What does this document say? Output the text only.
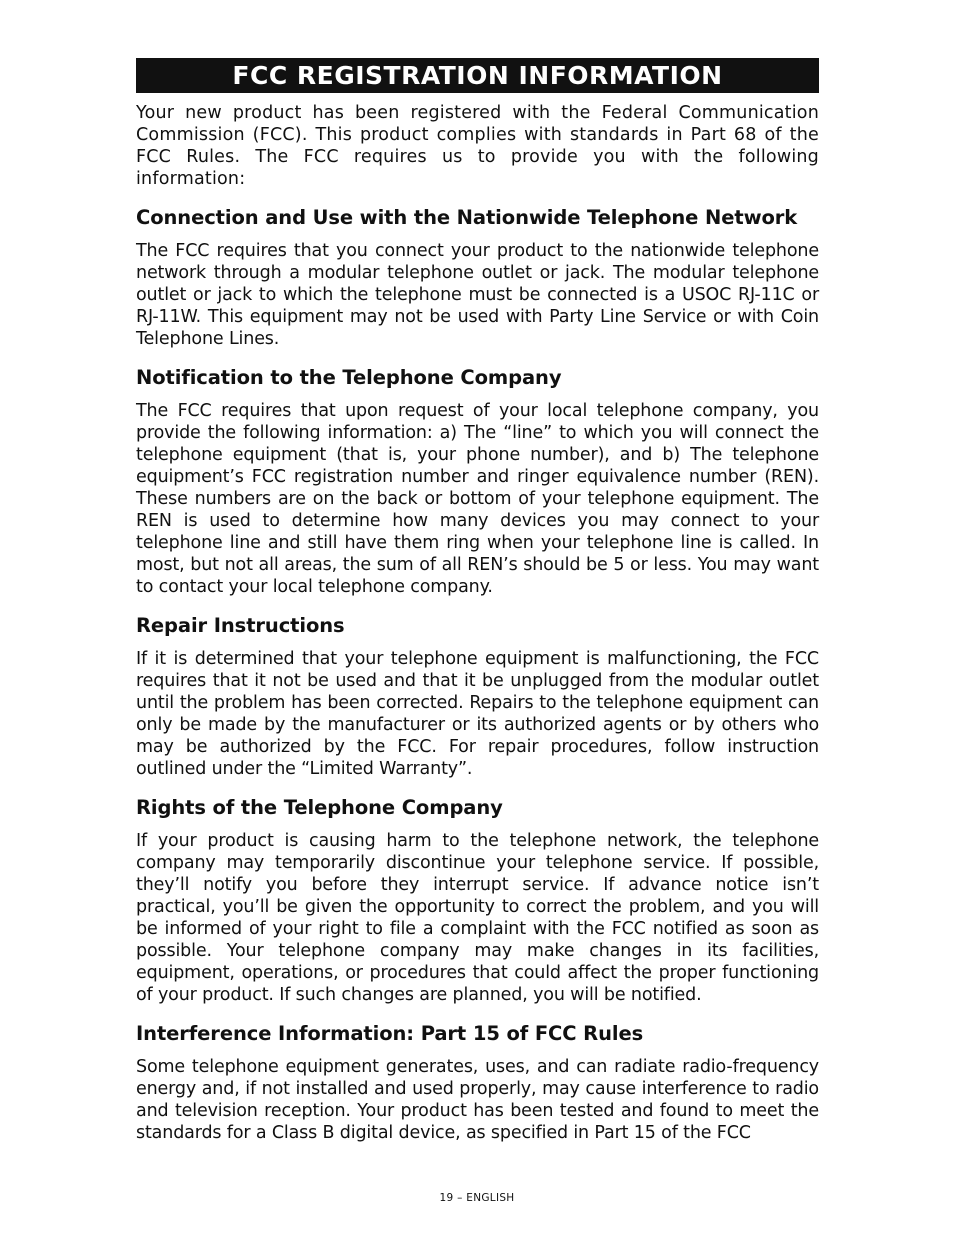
FCC REGISTRATION INFORMATION

Your new product has been registered with the Federal Communication Commission (FCC). This product complies with standards in Part 68 of the FCC Rules. The FCC requires us to provide you with the following information:

Connection and Use with the Nationwide Telephone Network

The FCC requires that you connect your product to the nationwide telephone network through a modular telephone outlet or jack. The modular telephone outlet or jack to which the telephone must be connected is a USOC RJ-11C or RJ-11W. This equipment may not be used with Party Line Service or with Coin Telephone Lines.

Notification to the Telephone Company

The FCC requires that upon request of your local telephone company, you provide the following information: a) The “line” to which you will connect the telephone equipment (that is, your phone number), and b) The telephone equipment’s FCC registration number and ringer equivalence number (REN). These numbers are on the back or bottom of your telephone equipment. The REN is used to determine how many devices you may connect to your telephone line and still have them ring when your telephone line is called. In most, but not all areas, the sum of all REN’s should be 5 or less. You may want to contact your local telephone company.

Repair Instructions

If it is determined that your telephone equipment is malfunctioning, the FCC requires that it not be used and that it be unplugged from the modular outlet until the problem has been corrected. Repairs to the telephone equipment can only be made by the manufacturer or its authorized agents or by others who may be authorized by the FCC. For repair procedures, follow instruction outlined under the “Limited Warranty”.

Rights of the Telephone Company

If your product is causing harm to the telephone network, the telephone company may temporarily discontinue your telephone service. If possible, they’ll notify you before they interrupt service. If advance notice isn’t practical, you’ll be given the opportunity to correct the problem, and you will be informed of your right to file a complaint with the FCC notified as soon as possible. Your telephone company may make changes in its facilities, equipment, operations, or procedures that could affect the proper functioning of your product. If such changes are planned, you will be notified.

Interference Information: Part 15 of FCC Rules

Some telephone equipment generates, uses, and can radiate radio-frequency energy and, if not installed and used properly, may cause interference to radio and television reception. Your product has been tested and found to meet the standards for a Class B digital device, as specified in Part 15 of the FCC

19 – ENGLISH
